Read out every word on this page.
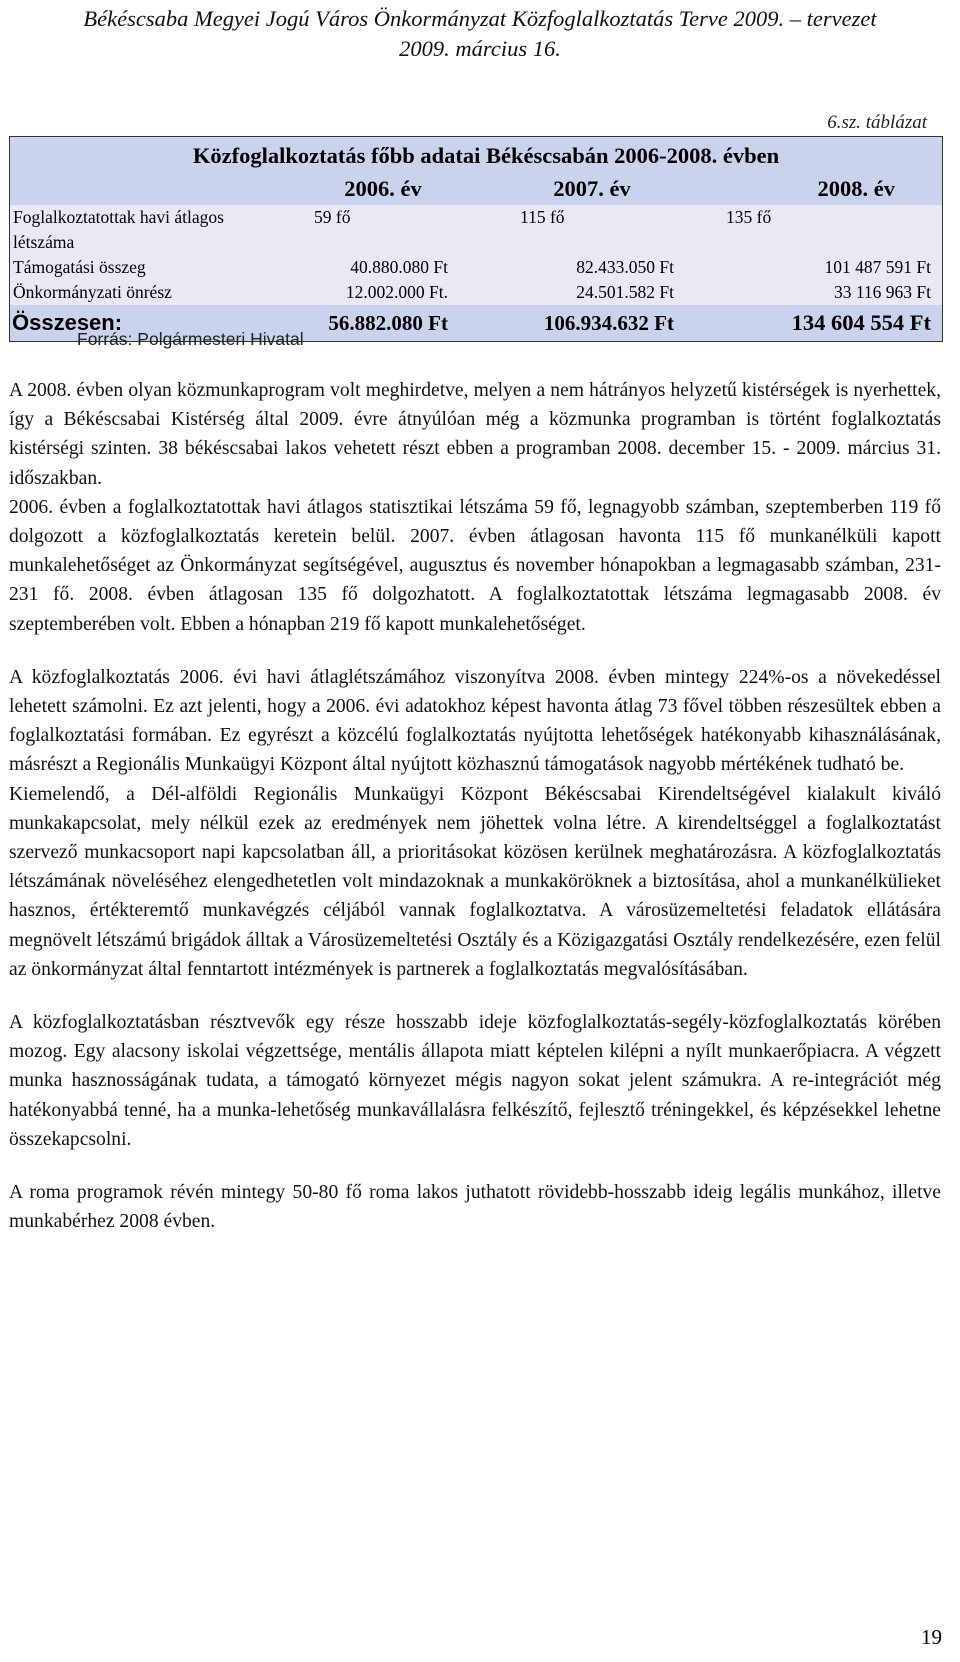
Békéscsaba Megyei Jogú Város Önkormányzat Közfoglalkoztatás Terve 2009. – tervezet
2009. március 16.
6.sz. táblázat
Közfoglalkoztatás főbb adatai Békéscsabán 2006-2008. évben			
	2006. év	2007. év	2008. év
Foglalkoztatottak havi átlagos létszáma	59 fő	115 fő	135 fő
Támogatási összeg	40.880.080 Ft	82.433.050 Ft	101 487 591 Ft
Önkormányzati önrész	12.002.000 Ft.	24.501.582 Ft	33 116 963 Ft
Összesen:	56.882.080 Ft	106.934.632 Ft	134 604 554 Ft
Forrás: Polgármesteri Hivatal

A 2008. évben olyan közmunkaprogram volt meghirdetve, melyen a nem hátrányos helyzetű kistérségek is nyerhettek, így a Békéscsabai Kistérség által 2009. évre átnyúlóan még a közmunka programban is történt foglalkoztatás kistérségi szinten. 38 békéscsabai lakos vehetett részt ebben a programban 2008. december 15. - 2009. március 31. időszakban.

2006. évben a foglalkoztatottak havi átlagos statisztikai létszáma 59 fő, legnagyobb számban, szeptemberben 119 fő dolgozott a közfoglalkoztatás keretein belül. 2007. évben átlagosan havonta 115 fő munkanélküli kapott munkalehetőséget az Önkormányzat segítségével, augusztus és november hónapokban a legmagasabb számban, 231-231 fő. 2008. évben átlagosan 135 fő dolgozhatott. A foglalkoztatottak létszáma legmagasabb 2008. év szeptemberében volt. Ebben a hónapban 219 fő kapott munkalehetőséget.

A közfoglalkoztatás 2006. évi havi átlaglétszámához viszonyítva 2008. évben mintegy 224%-os a növekedéssel lehetett számolni. Ez azt jelenti, hogy a 2006. évi adatokhoz képest havonta átlag 73 fővel többen részesültek ebben a foglalkoztatási formában. Ez egyrészt a közcélú foglalkoztatás nyújtotta lehetőségek hatékonyabb kihasználásának, másrészt a Regionális Munkaügyi Központ által nyújtott közhasznú támogatások nagyobb mértékének tudható be.

Kiemelendő, a Dél-alföldi Regionális Munkaügyi Központ Békéscsabai Kirendeltségével kialakult kiváló munkakapcsolat, mely nélkül ezek az eredmények nem jöhettek volna létre. A kirendeltséggel a foglalkoztatást szervező munkacsoport napi kapcsolatban áll, a prioritásokat közösen kerülnek meghatározásra. A közfoglalkoztatás létszámának növeléséhez elengedhetetlen volt mindazoknak a munkaköröknek a biztosítása, ahol a munkanélkülieket hasznos, értékteremtő munkavégzés céljából vannak foglalkoztatva. A városüzemeltetési feladatok ellátására megnövelt létszámú brigádok álltak a Városüzemeltetési Osztály és a Közigazgatási Osztály rendelkezésére, ezen felül az önkormányzat által fenntartott intézmények is partnerek a foglalkoztatás megvalósításában.

A közfoglalkoztatásban résztvevők egy része hosszabb ideje közfoglalkoztatás-segély-közfoglalkoztatás körében mozog. Egy alacsony iskolai végzettsége, mentális állapota miatt képtelen kilépni a nyílt munkaerőpiacra. A végzett munka hasznosságának tudata, a támogató környezet mégis nagyon sokat jelent számukra. A re-integrációt még hatékonyabbá tenné, ha a munka-lehetőség munkavállalásra felkészítő, fejlesztő tréningekkel, és képzésekkel lehetne összekapcsolni.

A roma programok révén mintegy 50-80 fő roma lakos juthatott rövidebb-hosszabb ideig legális munkához, illetve munkabérhez 2008 évben.

19
